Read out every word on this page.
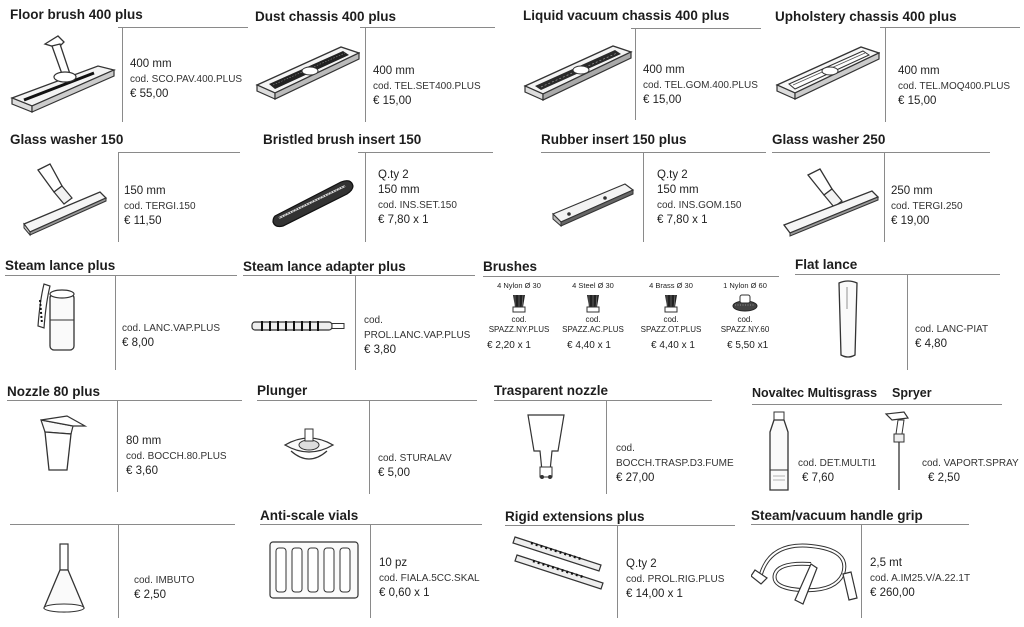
Floor brush 400 plus
400 mm
cod. SCO.PAV.400.PLUS
€ 55,00
Dust chassis 400 plus
400 mm
cod. TEL.SET400.PLUS
€ 15,00
Liquid vacuum chassis 400 plus
400 mm
cod. TEL.GOM.400.PLUS
€ 15,00
Upholstery chassis 400 plus
400 mm
cod. TEL.MOQ400.PLUS
€ 15,00
Glass washer 150
150 mm
cod. TERGI.150
€ 11,50
Bristled brush insert 150
Q.ty 2
150 mm
cod. INS.SET.150
€ 7,80 x 1
Rubber insert 150 plus
Q.ty 2
150 mm
cod. INS.GOM.150
€ 7,80 x 1
Glass washer 250
250 mm
cod. TERGI.250
€ 19,00
Steam lance plus
cod. LANC.VAP.PLUS
€ 8,00
Steam lance adapter plus
cod.
PROL.LANC.VAP.PLUS
€ 3,80
Brushes
4 Nylon Ø 30
cod.
SPAZZ.NY.PLUS
€ 2,20 x 1
4 Steel Ø 30
cod.
SPAZZ.AC.PLUS
€ 4,40 x 1
4 Brass Ø 30
cod.
SPAZZ.OT.PLUS
€ 4,40 x 1
1 Nylon Ø 60
cod.
SPAZZ.NY.60
€ 5,50 x1
Flat lance
cod. LANC-PIAT
€ 4,80
Nozzle 80 plus
80 mm
cod. BOCCH.80.PLUS
€ 3,60
Plunger
cod. STURALAV
€ 5,00
Trasparent nozzle
cod.
BOCCH.TRASP.D3.FUME
€ 27,00
Novaltec Multisgrass
cod. DET.MULTI1
€ 7,60
Spryer
cod. VAPORT.SPRAY
€ 2,50
cod. IMBUTO
€ 2,50
Anti-scale vials
10 pz
cod. FIALA.5CC.SKAL
€ 0,60 x 1
Rigid extensions plus
Q.ty 2
cod. PROL.RIG.PLUS
€ 14,00 x 1
Steam/vacuum handle grip
2,5 mt
cod. A.IM25.V/A.22.1T
€ 260,00
